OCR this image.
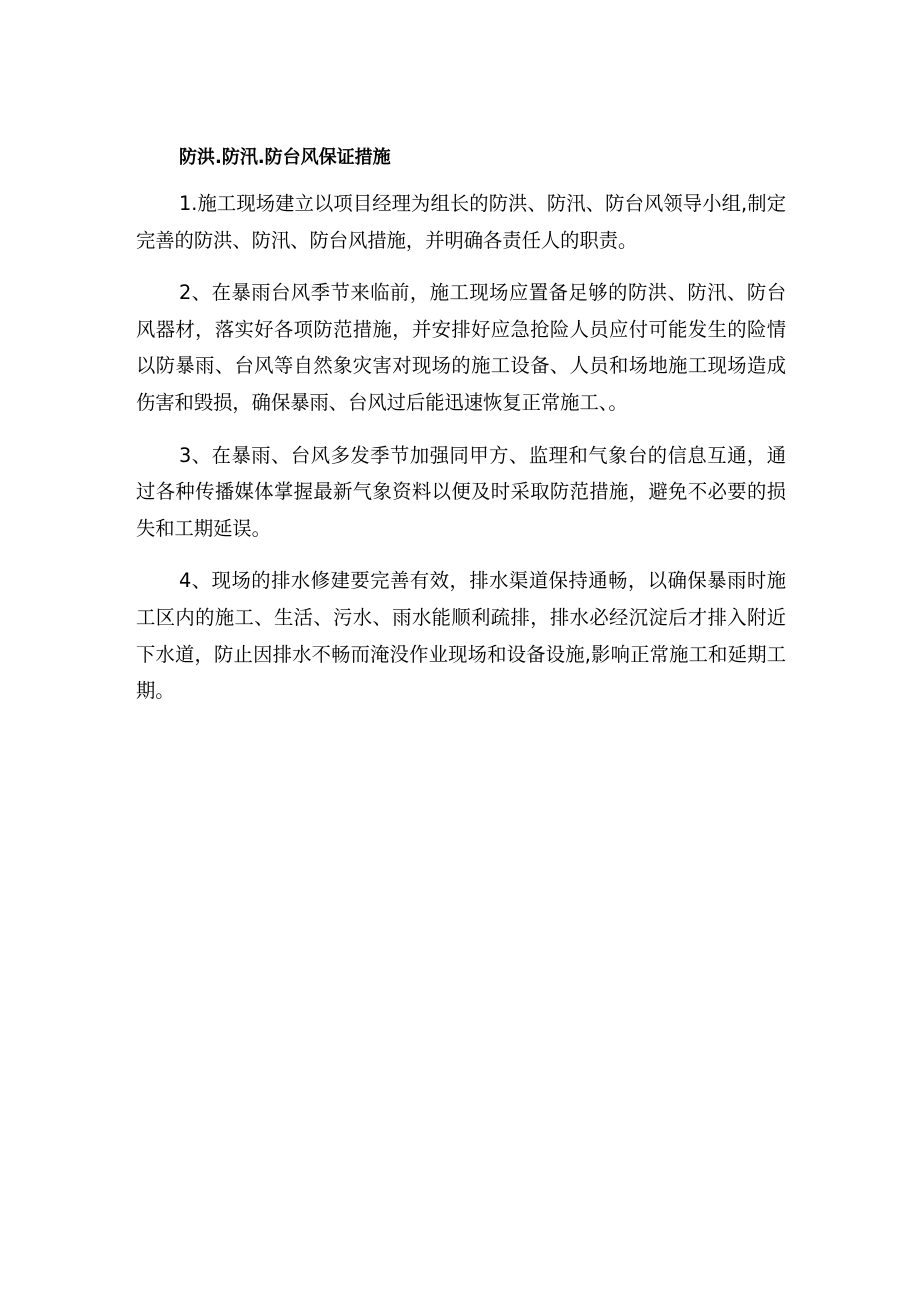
防洪.防汛.防台风保证措施

1.施工现场建立以项目经理为组长的防洪、防汛、防台风领导小组,制定完善的防洪、防汛、防台风措施，并明确各责任人的职责。

2、在暴雨台风季节来临前，施工现场应置备足够的防洪、防汛、防台风器材，落实好各项防范措施，并安排好应急抢险人员应付可能发生的险情以防暴雨、台风等自然象灾害对现场的施工设备、人员和场地施工现场造成伤害和毁损，确保暴雨、台风过后能迅速恢复正常施工、。

3、在暴雨、台风多发季节加强同甲方、监理和气象台的信息互通，通过各种传播媒体掌握最新气象资料以便及时采取防范措施，避免不必要的损失和工期延误。

4、现场的排水修建要完善有效，排水渠道保持通畅，以确保暴雨时施工区内的施工、生活、污水、雨水能顺利疏排，排水必经沉淀后才排入附近下水道，防止因排水不畅而淹没作业现场和设备设施,影响正常施工和延期工期。
